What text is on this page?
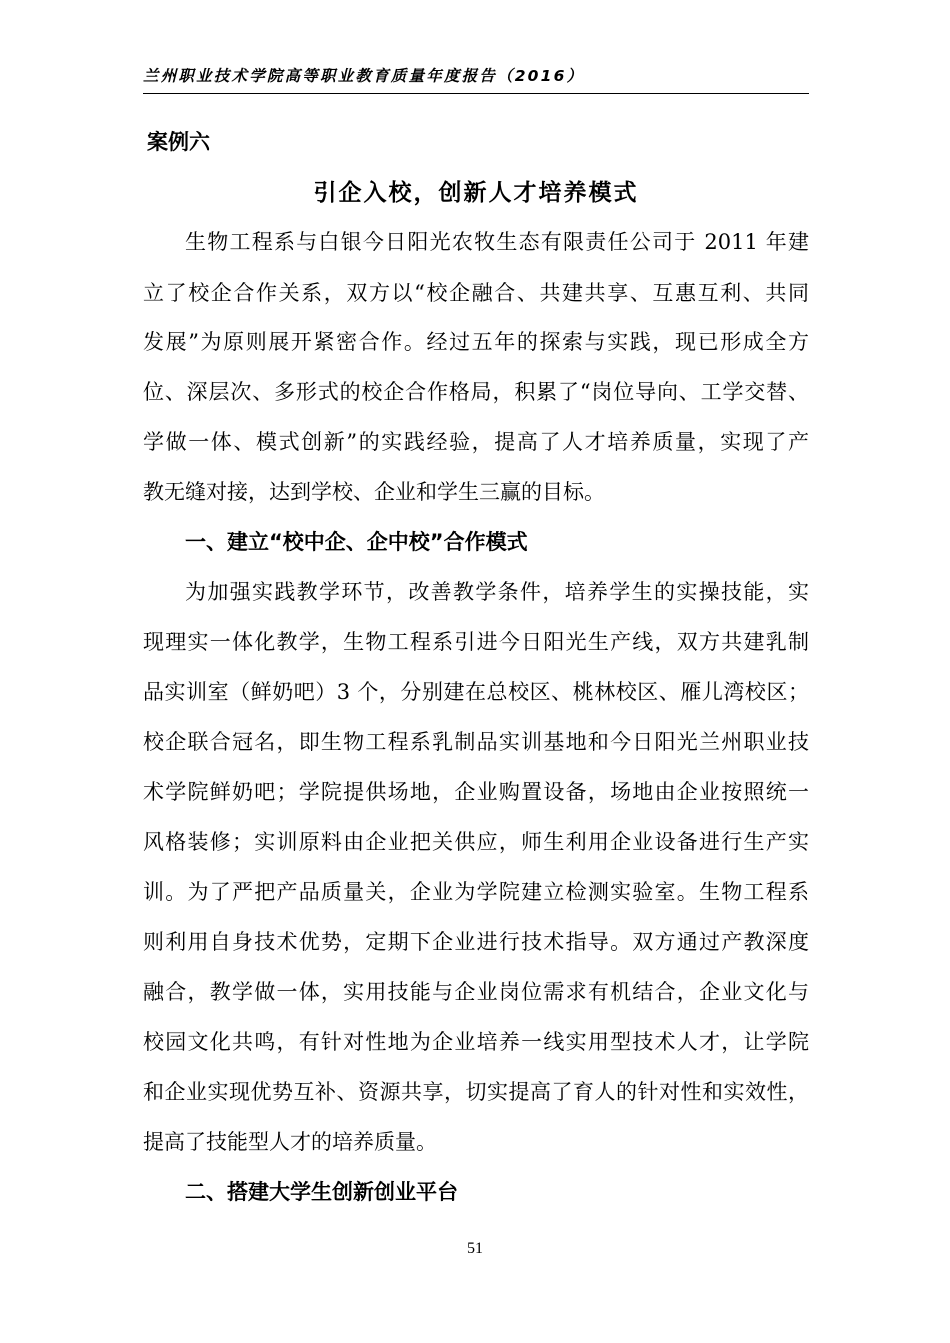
兰州职业技术学院高等职业教育质量年度报告（2016）
案例六
引企入校，创新人才培养模式
生物工程系与白银今日阳光农牧生态有限责任公司于 2011 年建
立了校企合作关系，双方以“校企融合、共建共享、互惠互利、共同
发展”为原则展开紧密合作。经过五年的探索与实践，现已形成全方
位、深层次、多形式的校企合作格局，积累了“岗位导向、工学交替、
学做一体、模式创新”的实践经验，提高了人才培养质量，实现了产
教无缝对接，达到学校、企业和学生三赢的目标。
一、建立“校中企、企中校”合作模式
为加强实践教学环节，改善教学条件，培养学生的实操技能，实
现理实一体化教学，生物工程系引进今日阳光生产线，双方共建乳制
品实训室（鲜奶吧）3 个，分别建在总校区、桃林校区、雁儿湾校区；
校企联合冠名，即生物工程系乳制品实训基地和今日阳光兰州职业技
术学院鲜奶吧；学院提供场地，企业购置设备，场地由企业按照统一
风格装修；实训原料由企业把关供应，师生利用企业设备进行生产实
训。为了严把产品质量关，企业为学院建立检测实验室。生物工程系
则利用自身技术优势，定期下企业进行技术指导。双方通过产教深度
融合，教学做一体，实用技能与企业岗位需求有机结合，企业文化与
校园文化共鸣，有针对性地为企业培养一线实用型技术人才，让学院
和企业实现优势互补、资源共享，切实提高了育人的针对性和实效性，
提高了技能型人才的培养质量。
二、搭建大学生创新创业平台
51
